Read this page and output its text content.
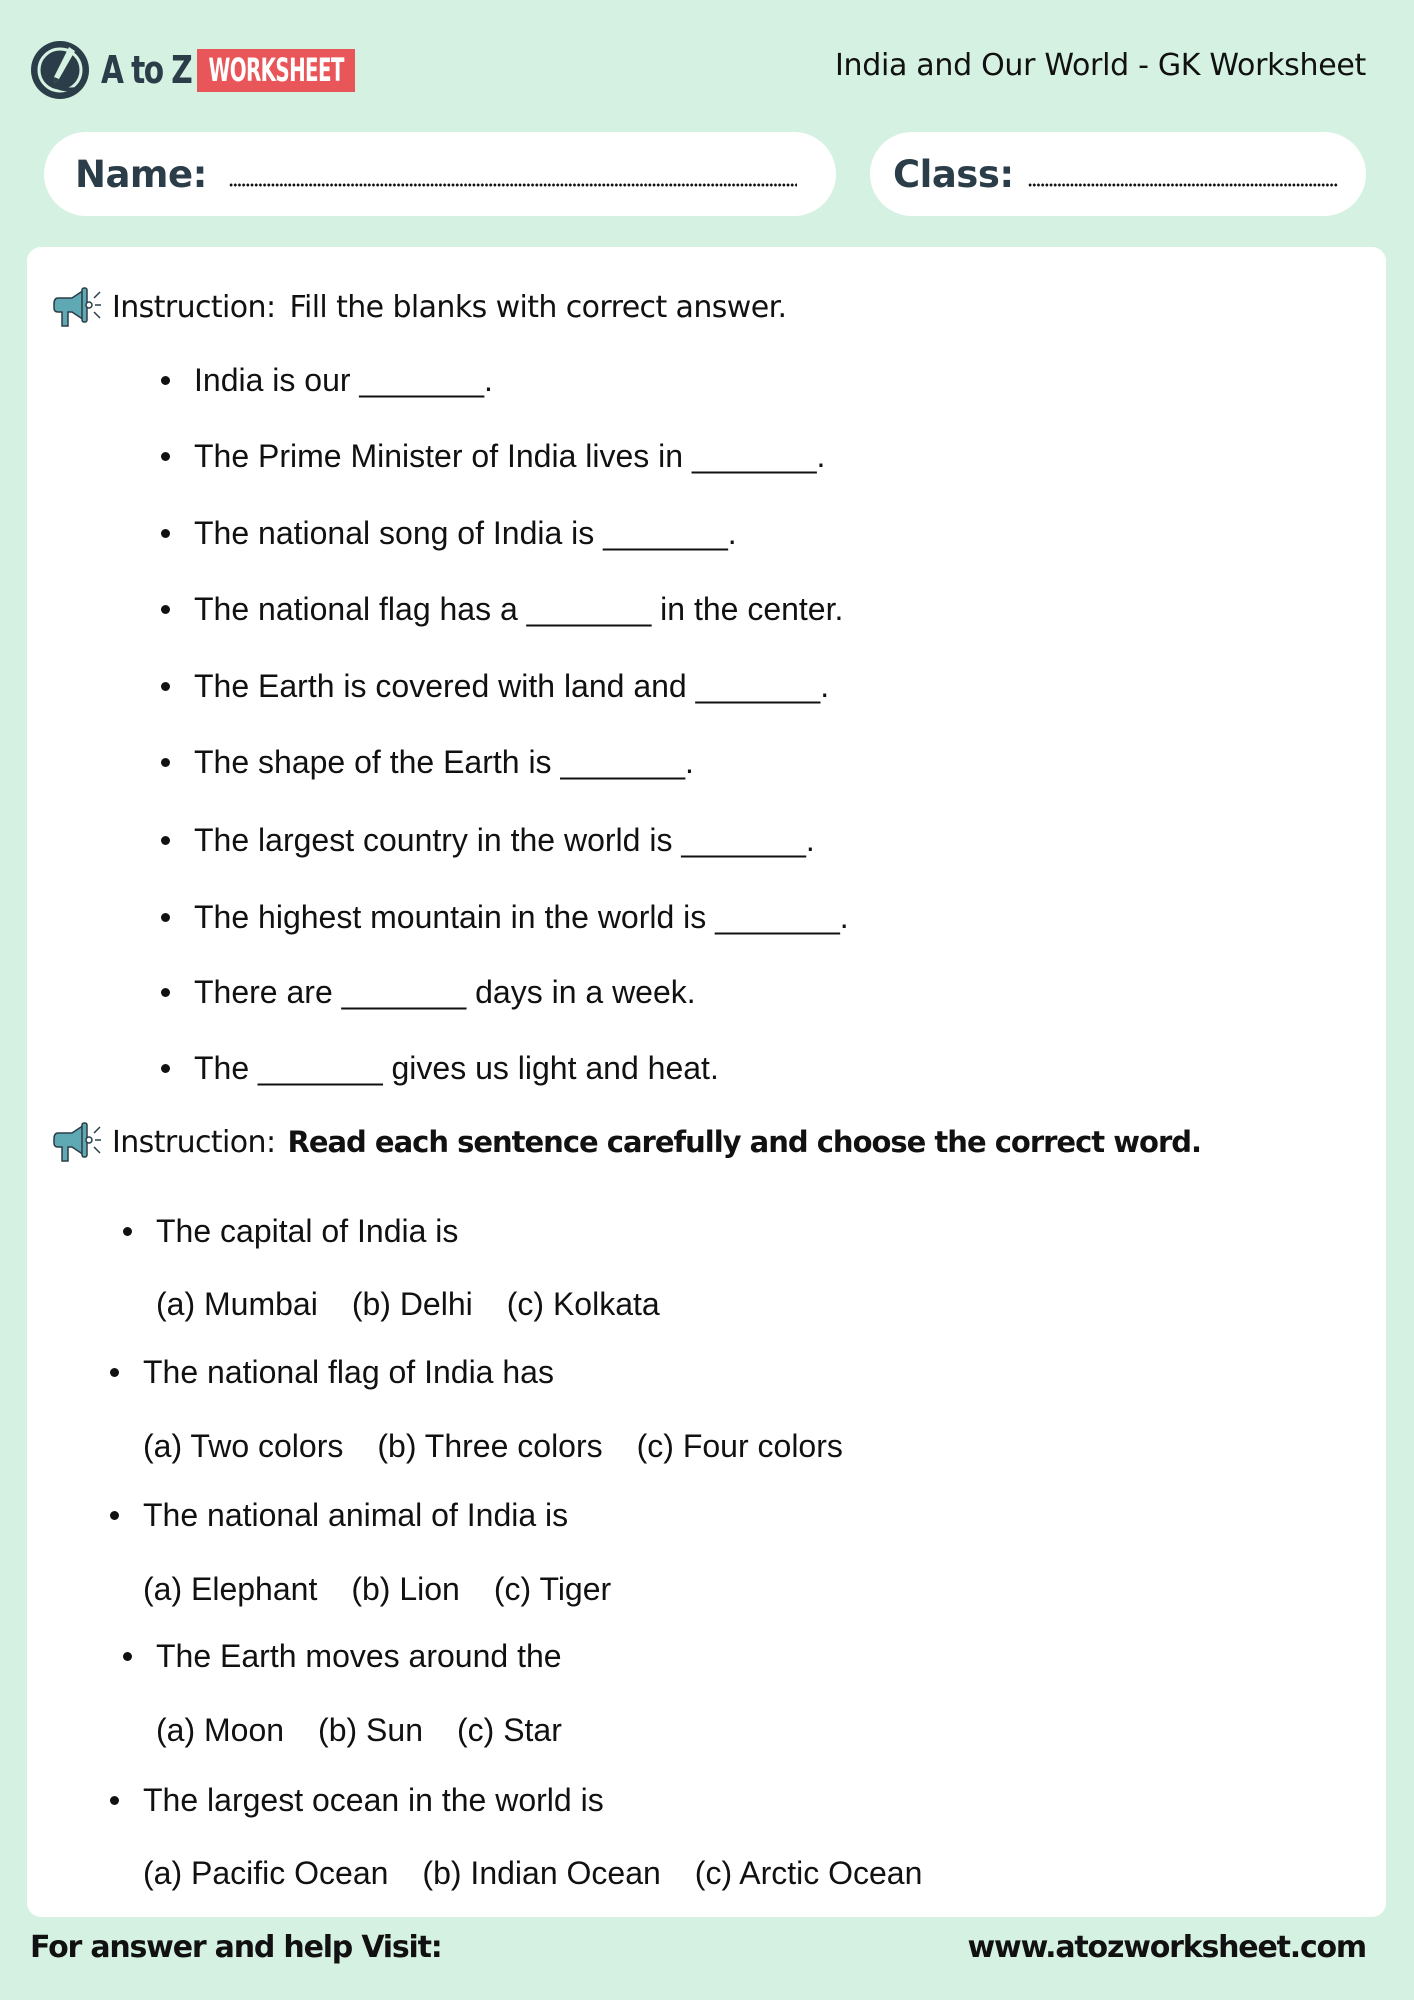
A to Z WORKSHEET	India and Our World - GK Worksheet
Name:	Class:
Instruction: Fill the blanks with correct answer.
India is our _______.
The Prime Minister of India lives in _______.
The national song of India is _______.
The national flag has a _______ in the center.
The Earth is covered with land and _______.
The shape of the Earth is _______.
The largest country in the world is _______.
The highest mountain in the world is _______.
There are _______ days in a week.
The _______ gives us light and heat.
Instruction: Read each sentence carefully and choose the correct word.
The capital of India is
(a) Mumbai (b) Delhi (c) Kolkata
The national flag of India has
(a) Two colors (b) Three colors (c) Four colors
The national animal of India is
(a) Elephant (b) Lion (c) Tiger
The Earth moves around the
(a) Moon (b) Sun (c) Star
The largest ocean in the world is
(a) Pacific Ocean (b) Indian Ocean (c) Arctic Ocean
For answer and help Visit:	www.atozworksheet.com
